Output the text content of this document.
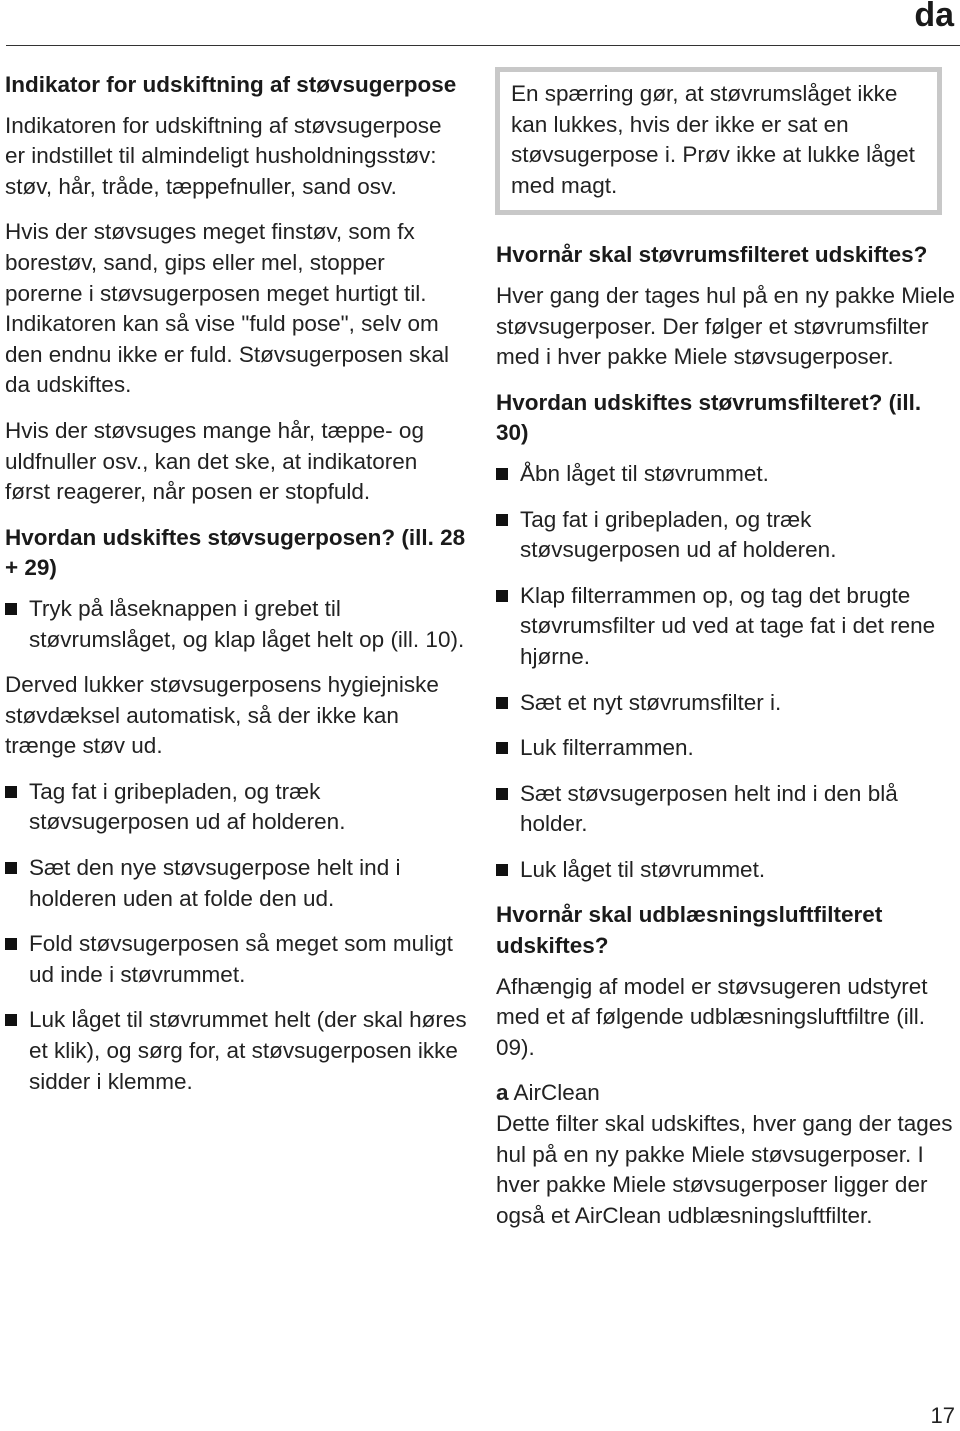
da
Indikator for udskiftning af støvsugerpose

Indikatoren for udskiftning af støvsugerpose er indstillet til almindeligt husholdningsstøv: støv, hår, tråde, tæppefnuller, sand osv.

Hvis der støvsuges meget finstøv, som fx borestøv, sand, gips eller mel, stopper porerne i støvsugerposen meget hurtigt til.

Indikatoren kan så vise "fuld pose", selv om den endnu ikke er fuld. Støvsugerposen skal da udskiftes.

Hvis der støvsuges mange hår, tæppe- og uldfnuller osv., kan det ske, at indikatoren først reagerer, når posen er stopfuld.

Hvordan udskiftes støvsugerposen? (ill. 28 + 29)
Tryk på låseknappen i grebet til støvrumslåget, og klap låget helt op (ill. 10).

Derved lukker støvsugerposens hygiejniske støvdæksel automatisk, så der ikke kan trænge støv ud.

Tag fat i gribepladen, og træk støvsugerposen ud af holderen.
Sæt den nye støvsugerpose helt ind i holderen uden at folde den ud.
Fold støvsugerposen så meget som muligt ud inde i støvrummet.
Luk låget til støvrummet helt (der skal høres et klik), og sørg for, at støvsugerposen ikke sidder i klemme.

En spærring gør, at støvrumslåget ikke kan lukkes, hvis der ikke er sat en støvsugerpose i. Prøv ikke at lukke låget med magt.

Hvornår skal støvrumsfilteret udskiftes?

Hver gang der tages hul på en ny pakke Miele støvsugerposer. Der følger et støvrumsfilter med i hver pakke Miele støvsugerposer.

Hvordan udskiftes støvrumsfilteret? (ill. 30)
Åbn låget til støvrummet.
Tag fat i gribepladen, og træk støvsugerposen ud af holderen.
Klap filterrammen op, og tag det brugte støvrumsfilter ud ved at tage fat i det rene hjørne.
Sæt et nyt støvrumsfilter i.
Luk filterrammen.
Sæt støvsugerposen helt ind i den blå holder.
Luk låget til støvrummet.
Hvornår skal udblæsningsluftfilteret udskiftes?

Afhængig af model er støvsugeren udstyret med et af følgende udblæsningsluftfiltre (ill. 09).

a AirClean

Dette filter skal udskiftes, hver gang der tages hul på en ny pakke Miele støvsugerposer. I hver pakke Miele støvsugerposer ligger der også et AirClean udblæsningsluftfilter.

17
